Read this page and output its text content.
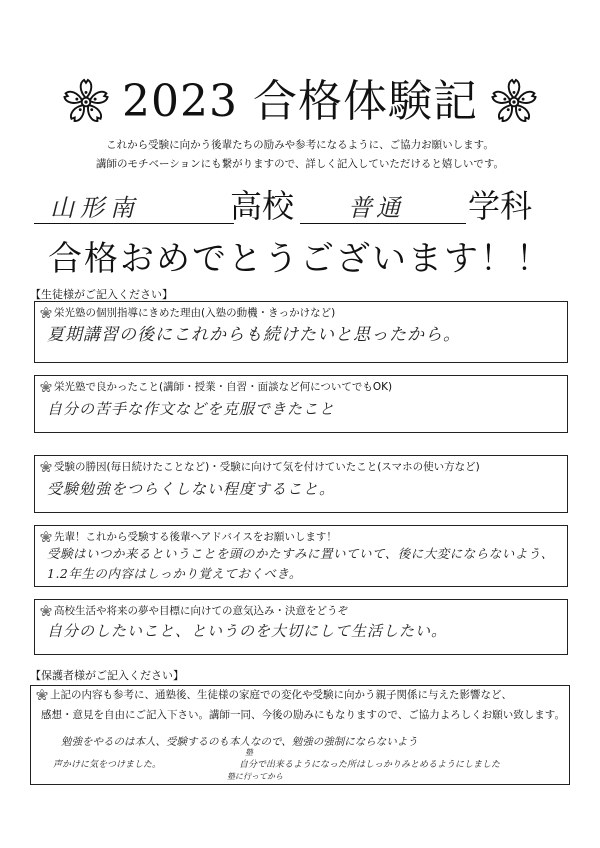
2023 合格体験記
これから受験に向かう後輩たちの励みや参考になるように、ご協力お願いします。
講師のモチベーションにも繋がりますので、詳しく記入していただけると嬉しいです。
山形南	高校 普通 学科
合格おめでとうございます！！
【生徒様がご記入ください】
栄光塾の個別指導にきめた理由(入塾の動機・きっかけなど)
夏期講習の後にこれからも続けたいと思ったから。
栄光塾で良かったこと(講師・授業・自習・面談など何についてでもOK)
自分の苦手な作文などを克服できたこと
受験の勝因(毎日続けたことなど)・受験に向けて気を付けていたこと(スマホの使い方など)
受験勉強をつらくしない程度すること。
先輩！これから受験する後輩へアドバイスをお願いします！
受験はいつか来るということを頭のかたすみに置いていて、後に大変にならないよう、1.2年生の内容はしっかり覚えておくべき。
高校生活や将来の夢や目標に向けての意気込み・決意をどうぞ
自分のしたいこと、というのを大切にして生活したい。
【保護者様がご記入ください】
上記の内容も参考に、通塾後、生徒様の家庭での変化や受験に向かう親子関係に与えた影響など、
感想・意見を自由にご記入下さい。講師一同、今後の励みにもなりますので、ご協力よろしくお願い致します。
勉強をやるのは本人、受験するのも本人なので、勉強の強制にならないよう
塾
声かけに気をつけました。	自分で出来るようになった所はしっかりみとめるようにしました
塾に行ってから
